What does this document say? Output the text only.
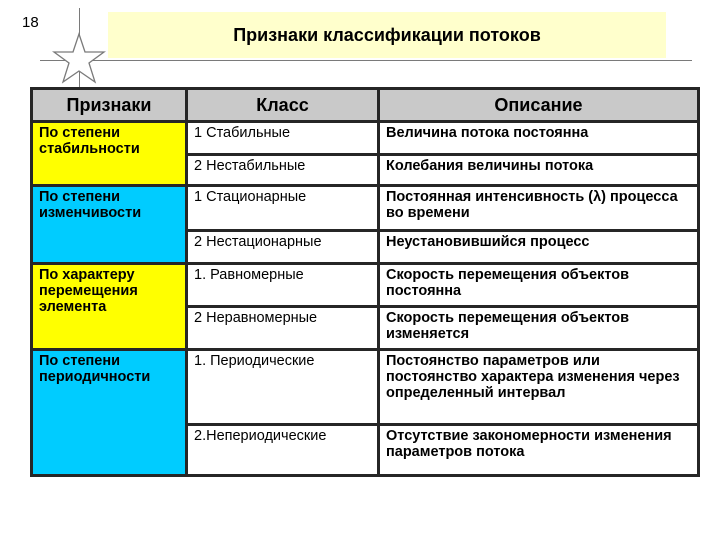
18
Признаки классификации потоков
Признаки	Класс	Описание
По степени стабильности	1 Стабильные	Величина потока постоянна
	2 Нестабильные	Колебания величины потока
По степени изменчивости	1 Стационарные	Постоянная интенсивность (λ) процесса во времени
	2 Нестационарные	Неустановившийся процесс
По характеру перемещения элемента	1. Равномерные	Скорость перемещения объектов постоянна
	2 Неравномерные	Скорость перемещения объектов изменяется
По степени периодичности	1. Периодические	Постоянство параметров или постоянство характера изменения через определенный интервал
	2.Непериодические	Отсутствие закономерности изменения параметров потока
